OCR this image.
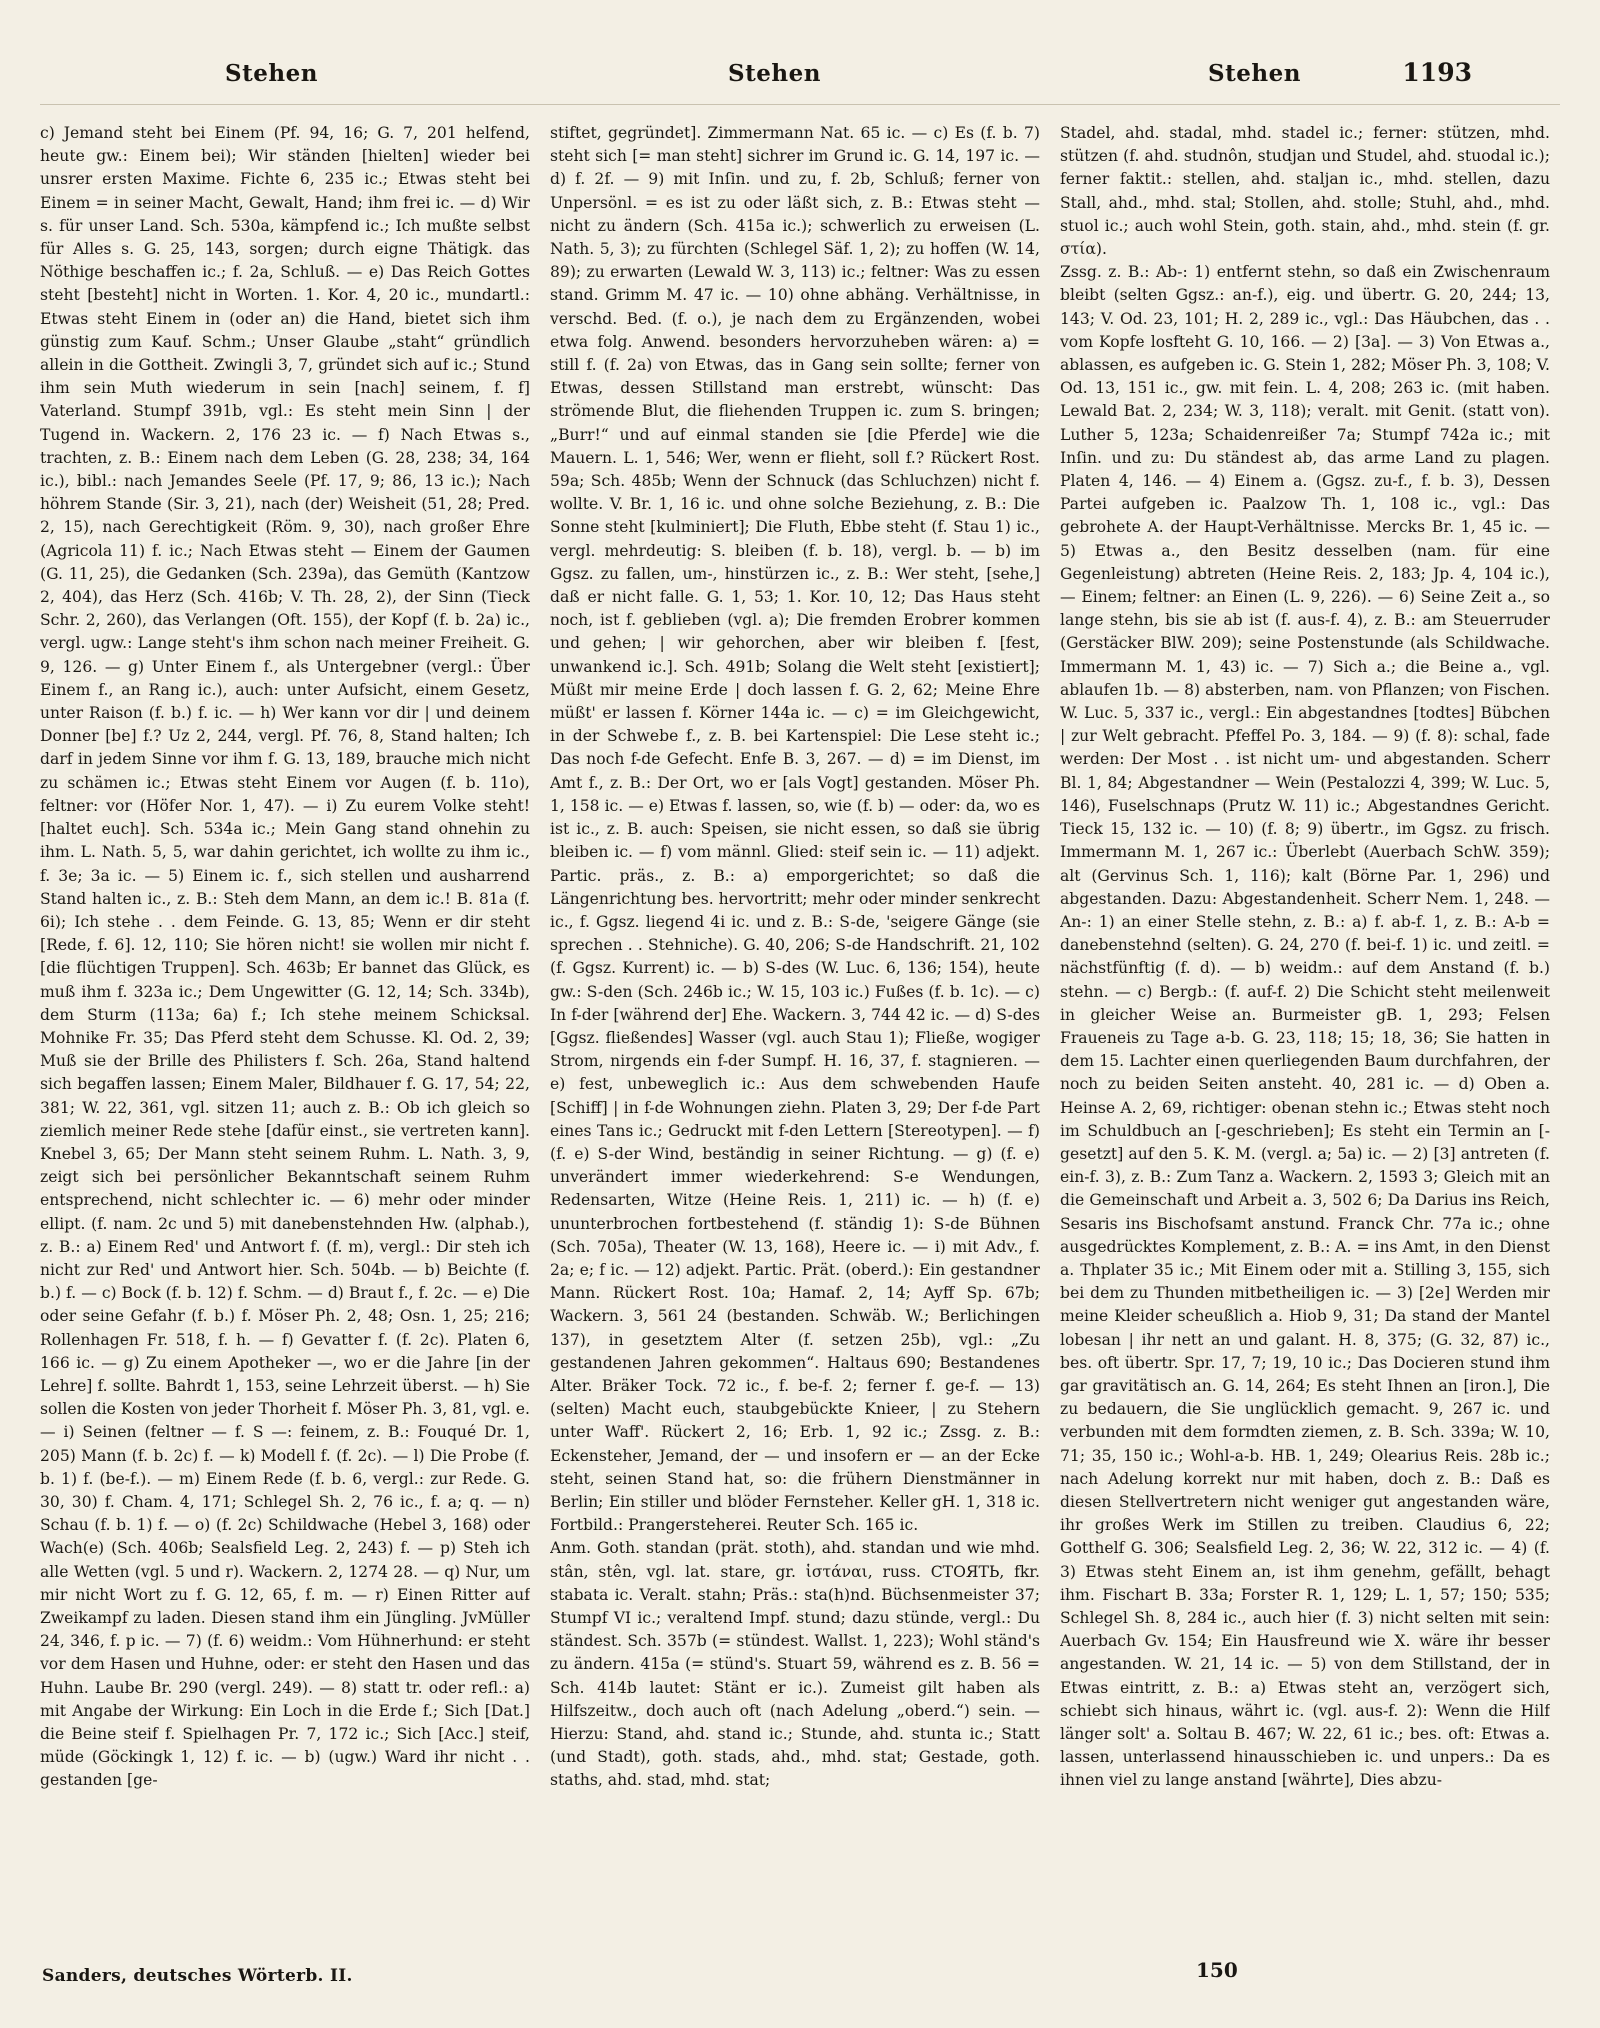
Stehen	Stehen	Stehen	1193

c) Jemand steht bei Einem (Pf. 94, 16; G. 7, 201 helfend, heute gw.: Einem bei); Wir ständen [hielten] wieder bei unsrer ersten Maxime. Fichte 6, 235 ic.; Etwas steht bei Einem = in seiner Macht, Gewalt, Hand; ihm frei ic. — d) Wir s. für unser Land. Sch. 530a, kämpfend ic.; Ich mußte selbst für Alles s. G. 25, 143, sorgen; durch eigne Thätigk. das Nöthige beschaffen ic.; f. 2a, Schluß. — e) Das Reich Gottes steht [besteht] nicht in Worten. 1. Kor. 4, 20 ic., mundartl.: Etwas steht Einem in (oder an) die Hand, bietet sich ihm günstig zum Kauf. Schm.; Unser Glaube „staht“ gründlich allein in die Gottheit. Zwingli 3, 7, gründet sich auf ic.; Stund ihm sein Muth wiederum in sein [nach] seinem, f. f] Vaterland. Stumpf 391b, vgl.: Es steht mein Sinn | der Tugend in. Wackern. 2, 176 23 ic. — f) Nach Etwas s., trachten, z. B.: Einem nach dem Leben (G. 28, 238; 34, 164 ic.), bibl.: nach Jemandes Seele (Pf. 17, 9; 86, 13 ic.); Nach höhrem Stande (Sir. 3, 21), nach (der) Weisheit (51, 28; Pred. 2, 15), nach Gerechtigkeit (Röm. 9, 30), nach großer Ehre (Agricola 11) f. ic.; Nach Etwas steht — Einem der Gaumen (G. 11, 25), die Gedanken (Sch. 239a), das Gemüth (Kantzow 2, 404), das Herz (Sch. 416b; V. Th. 28, 2), der Sinn (Tieck Schr. 2, 260), das Verlangen (Oft. 155), der Kopf (f. b. 2a) ic., vergl. ugw.: Lange steht's ihm schon nach meiner Freiheit. G. 9, 126. — g) Unter Einem f., als Untergebner (vergl.: Über Einem f., an Rang ic.), auch: unter Aufsicht, einem Gesetz, unter Raison (f. b.) f. ic. — h) Wer kann vor dir | und deinem Donner [be] f.? Uz 2, 244, vergl. Pf. 76, 8, Stand halten; Ich darf in jedem Sinne vor ihm f. G. 13, 189, brauche mich nicht zu schämen ic.; Etwas steht Einem vor Augen (f. b. 11o), feltner: vor (Höfer Nor. 1, 47). — i) Zu eurem Volke steht! [haltet euch]. Sch. 534a ic.; Mein Gang stand ohnehin zu ihm. L. Nath. 5, 5, war dahin gerichtet, ich wollte zu ihm ic., f. 3e; 3a ic. — 5) Einem ic. f., sich stellen und ausharrend Stand halten ic., z. B.: Steh dem Mann, an dem ic.! B. 81a (f. 6i); Ich stehe . . dem Feinde. G. 13, 85; Wenn er dir steht [Rede, f. 6]. 12, 110; Sie hören nicht! sie wollen mir nicht f. [die flüchtigen Truppen]. Sch. 463b; Er bannet das Glück, es muß ihm f. 323a ic.; Dem Ungewitter (G. 12, 14; Sch. 334b), dem Sturm (113a; 6a) f.; Ich stehe meinem Schicksal. Mohnike Fr. 35; Das Pferd steht dem Schusse. Kl. Od. 2, 39; Muß sie der Brille des Philisters f. Sch. 26a, Stand haltend sich begaffen lassen; Einem Maler, Bildhauer f. G. 17, 54; 22, 381; W. 22, 361, vgl. sitzen 11; auch z. B.: Ob ich gleich so ziemlich meiner Rede stehe [dafür einst., sie vertreten kann]. Knebel 3, 65; Der Mann steht seinem Ruhm. L. Nath. 3, 9, zeigt sich bei persönlicher Bekanntschaft seinem Ruhm entsprechend, nicht schlechter ic. — 6) mehr oder minder ellipt. (f. nam. 2c und 5) mit danebenstehnden Hw. (alphab.), z. B.: a) Einem Red' und Antwort f. (f. m), vergl.: Dir steh ich nicht zur Red' und Antwort hier. Sch. 504b. — b) Beichte (f. b.) f. — c) Bock (f. b. 12) f. Schm. — d) Braut f., f. 2c. — e) Die oder seine Gefahr (f. b.) f. Möser Ph. 2, 48; Osn. 1, 25; 216; Rollenhagen Fr. 518, f. h. — f) Gevatter f. (f. 2c). Platen 6, 166 ic. — g) Zu einem Apotheker —, wo er die Jahre [in der Lehre] f. sollte. Bahrdt 1, 153, seine Lehrzeit überst. — h) Sie sollen die Kosten von jeder Thorheit f. Möser Ph. 3, 81, vgl. e. — i) Seinen (feltner — f. S —: feinem, z. B.: Fouqué Dr. 1, 205) Mann (f. b. 2c) f. — k) Modell f. (f. 2c). — l) Die Probe (f. b. 1) f. (be-f.). — m) Einem Rede (f. b. 6, vergl.: zur Rede. G. 30, 30) f. Cham. 4, 171; Schlegel Sh. 2, 76 ic., f. a; q. — n) Schau (f. b. 1) f. — o) (f. 2c) Schildwache (Hebel 3, 168) oder Wach(e) (Sch. 406b; Sealsfield Leg. 2, 243) f. — p) Steh ich alle Wetten (vgl. 5 und r). Wackern. 2, 1274 28. — q) Nur, um mir nicht Wort zu f. G. 12, 65, f. m. — r) Einen Ritter auf Zweikampf zu laden. Diesen stand ihm ein Jüngling. JvMüller 24, 346, f. p ic. — 7) (f. 6) weidm.: Vom Hühnerhund: er steht vor dem Hasen und Huhne, oder: er steht den Hasen und das Huhn. Laube Br. 290 (vergl. 249). — 8) statt tr. oder refl.: a) mit Angabe der Wirkung: Ein Loch in die Erde f.; Sich [Dat.] die Beine steif f. Spielhagen Pr. 7, 172 ic.; Sich [Acc.] steif, müde (Göckingk 1, 12) f. ic. — b) (ugw.) Ward ihr nicht . . gestanden [ge-

stiftet, gegründet]. Zimmermann Nat. 65 ic. — c) Es (f. b. 7) steht sich [= man steht] sichrer im Grund ic. G. 14, 197 ic. — d) f. 2f. — 9) mit Inſin. und zu, f. 2b, Schluß; ferner von Unpersönl. = es ist zu oder läßt sich, z. B.: Etwas steht — nicht zu ändern (Sch. 415a ic.); schwerlich zu erweisen (L. Nath. 5, 3); zu fürchten (Schlegel Säf. 1, 2); zu hoffen (W. 14, 89); zu erwarten (Lewald W. 3, 113) ic.; feltner: Was zu essen stand. Grimm M. 47 ic. — 10) ohne abhäng. Verhältnisse, in verschd. Bed. (f. o.), je nach dem zu Ergänzenden, wobei etwa folg. Anwend. besonders hervorzuheben wären: a) = still f. (f. 2a) von Etwas, das in Gang sein sollte; ferner von Etwas, dessen Stillstand man erstrebt, wünscht: Das strömende Blut, die fliehenden Truppen ic. zum S. bringen; „Burr!“ und auf einmal standen sie [die Pferde] wie die Mauern. L. 1, 546; Wer, wenn er flieht, soll f.? Rückert Rost. 59a; Sch. 485b; Wenn der Schnuck (das Schluchzen) nicht f. wollte. V. Br. 1, 16 ic. und ohne solche Beziehung, z. B.: Die Sonne steht [kulminiert]; Die Fluth, Ebbe steht (f. Stau 1) ic., vergl. mehrdeutig: S. bleiben (f. b. 18), vergl. b. — b) im Ggsz. zu fallen, um-, hinstürzen ic., z. B.: Wer steht, [sehe,] daß er nicht falle. G. 1, 53; 1. Kor. 10, 12; Das Haus steht noch, ist f. geblieben (vgl. a); Die fremden Erobrer kommen und gehen; | wir gehorchen, aber wir bleiben f. [fest, unwankend ic.]. Sch. 491b; Solang die Welt steht [existiert]; Müßt mir meine Erde | doch lassen f. G. 2, 62; Meine Ehre müßt' er lassen f. Körner 144a ic. — c) = im Gleichgewicht, in der Schwebe f., z. B. bei Kartenspiel: Die Lese steht ic.; Das noch f-de Gefecht. Enfe B. 3, 267. — d) = im Dienst, im Amt f., z. B.: Der Ort, wo er [als Vogt] gestanden. Möser Ph. 1, 158 ic. — e) Etwas f. lassen, so, wie (f. b) — oder: da, wo es ist ic., z. B. auch: Speisen, sie nicht essen, so daß sie übrig bleiben ic. — f) vom männl. Glied: steif sein ic. — 11) adjekt. Partic. präs., z. B.: a) emporgerichtet; so daß die Längenrichtung bes. hervortritt; mehr oder minder senkrecht ic., f. Ggsz. liegend 4i ic. und z. B.: S-de, 'seigere Gänge (sie sprechen . . Stehniche). G. 40, 206; S-de Handschrift. 21, 102 (f. Ggsz. Kurrent) ic. — b) S-des (W. Luc. 6, 136; 154), heute gw.: S-den (Sch. 246b ic.; W. 15, 103 ic.) Fußes (f. b. 1c). — c) In f-der [während der] Ehe. Wackern. 3, 744 42 ic. — d) S-des [Ggsz. fließendes] Wasser (vgl. auch Stau 1); Fließe, wogiger Strom, nirgends ein f-der Sumpf. H. 16, 37, f. stagnieren. — e) fest, unbeweglich ic.: Aus dem schwebenden Haufe [Schiff] | in f-de Wohnungen ziehn. Platen 3, 29; Der f-de Part eines Tans ic.; Gedruckt mit f-den Lettern [Stereotypen]. — f) (f. e) S-der Wind, beständig in seiner Richtung. — g) (f. e) unverändert immer wiederkehrend: S-e Wendungen, Redensarten, Witze (Heine Reis. 1, 211) ic. — h) (f. e) ununterbrochen fortbestehend (f. ständig 1): S-de Bühnen (Sch. 705a), Theater (W. 13, 168), Heere ic. — i) mit Adv., f. 2a; e; f ic. — 12) adjekt. Partic. Prät. (oberd.): Ein gestandner Mann. Rückert Rost. 10a; Hamaf. 2, 14; Ayff Sp. 67b; Wackern. 3, 561 24 (bestanden. Schwäb. W.; Berlichingen 137), in gesetztem Alter (f. setzen 25b), vgl.: „Zu gestandenen Jahren gekommen“. Haltaus 690; Bestandenes Alter. Bräker Tock. 72 ic., f. be-f. 2; ferner f. ge-f. — 13) (selten) Macht euch, staubgebückte Knieer, | zu Stehern unter Waff'. Rückert 2, 16; Erb. 1, 92 ic.; Zssg. z. B.: Eckensteher, Jemand, der — und insofern er — an der Ecke steht, seinen Stand hat, so: die frühern Dienstmänner in Berlin; Ein stiller und blöder Fernsteher. Keller gH. 1, 318 ic. Fortbild.: Prangersteherei. Reuter Sch. 165 ic.
Anm. Goth. standan (prät. stoth), ahd. standan und wie mhd. stân, stên, vgl. lat. stare, gr. ἱστάναι, russ. СТОЯТЬ, fkr. stabata ic. Veralt. stahn; Präs.: sta(h)nd. Büchsenmeister 37; Stumpf VI ic.; veraltend Impf. stund; dazu stünde, vergl.: Du ständest. Sch. 357b (= stündest. Wallst. 1, 223); Wohl ständ's zu ändern. 415a (= stünd's. Stuart 59, während es z. B. 56 = Sch. 414b lautet: Stänt er ic.). Zumeist gilt haben als Hilfszeitw., doch auch oft (nach Adelung „oberd.“) sein. — Hierzu: Stand, ahd. stand ic.; Stunde, ahd. stunta ic.; Statt (und Stadt), goth. stads, ahd., mhd. stat; Gestade, goth. staths, ahd. stad, mhd. stat;

Stadel, ahd. stadal, mhd. stadel ic.; ferner: stützen, mhd. stützen (f. ahd. studnôn, studjan und Studel, ahd. stuodal ic.); ferner faktit.: stellen, ahd. staljan ic., mhd. stellen, dazu Stall, ahd., mhd. stal; Stollen, ahd. stolle; Stuhl, ahd., mhd. stuol ic.; auch wohl Stein, goth. stain, ahd., mhd. stein (f. gr. στία).
Zssg. z. B.: Ab-: 1) entfernt stehn, so daß ein Zwischenraum bleibt (selten Ggsz.: an-f.), eig. und übertr. G. 20, 244; 13, 143; V. Od. 23, 101; H. 2, 289 ic., vgl.: Das Häubchen, das . . vom Kopfe losfteht G. 10, 166. — 2) [3a]. — 3) Von Etwas a., ablassen, es aufgeben ic. G. Stein 1, 282; Möser Ph. 3, 108; V. Od. 13, 151 ic., gw. mit fein. L. 4, 208; 263 ic. (mit haben. Lewald Bat. 2, 234; W. 3, 118); veralt. mit Genit. (statt von). Luther 5, 123a; Schaidenreißer 7a; Stumpf 742a ic.; mit Inſin. und zu: Du ständest ab, das arme Land zu plagen. Platen 4, 146. — 4) Einem a. (Ggsz. zu-f., f. b. 3), Dessen Partei aufgeben ic. Paalzow Th. 1, 108 ic., vgl.: Das gebrohete A. der Haupt-Verhältnisse. Mercks Br. 1, 45 ic. — 5) Etwas a., den Besitz desselben (nam. für eine Gegenleistung) abtreten (Heine Reis. 2, 183; Jp. 4, 104 ic.), — Einem; feltner: an Einen (L. 9, 226). — 6) Seine Zeit a., so lange stehn, bis sie ab ist (f. aus-f. 4), z. B.: am Steuerruder (Gerstäcker BlW. 209); seine Postenstunde (als Schildwache. Immermann M. 1, 43) ic. — 7) Sich a.; die Beine a., vgl. ablaufen 1b. — 8) absterben, nam. von Pflanzen; von Fischen. W. Luc. 5, 337 ic., vergl.: Ein abgestandnes [todtes] Bübchen | zur Welt gebracht. Pfeffel Po. 3, 184. — 9) (f. 8): schal, fade werden: Der Most . . ist nicht um- und abgestanden. Scherr Bl. 1, 84; Abgestandner — Wein (Pestalozzi 4, 399; W. Luc. 5, 146), Fuselschnaps (Prutz W. 11) ic.; Abgestandnes Gericht. Tieck 15, 132 ic. — 10) (f. 8; 9) übertr., im Ggsz. zu frisch. Immermann M. 1, 267 ic.: Überlebt (Auerbach SchW. 359); alt (Gervinus Sch. 1, 116); kalt (Börne Par. 1, 296) und abgestanden. Dazu: Abgestandenheit. Scherr Nem. 1, 248. — An-: 1) an einer Stelle stehn, z. B.: a) f. ab-f. 1, z. B.: A-b = danebenstehnd (selten). G. 24, 270 (f. bei-f. 1) ic. und zeitl. = nächstfünftig (f. d). — b) weidm.: auf dem Anstand (f. b.) stehn. — c) Bergb.: (f. auf-f. 2) Die Schicht steht meilenweit in gleicher Weise an. Burmeister gB. 1, 293; Felsen Fraueneis zu Tage a-b. G. 23, 118; 15; 18, 36; Sie hatten in dem 15. Lachter einen querliegenden Baum durchfahren, der noch zu beiden Seiten ansteht. 40, 281 ic. — d) Oben a. Heinse A. 2, 69, richtiger: obenan stehn ic.; Etwas steht noch im Schuldbuch an [-geschrieben]; Es steht ein Termin an [-gesetzt] auf den 5. K. M. (vergl. a; 5a) ic. — 2) [3] antreten (f. ein-f. 3), z. B.: Zum Tanz a. Wackern. 2, 1593 3; Gleich mit an die Gemeinschaft und Arbeit a. 3, 502 6; Da Darius ins Reich, Sesaris ins Bischofsamt anstund. Franck Chr. 77a ic.; ohne ausgedrücktes Komplement, z. B.: A. = ins Amt, in den Dienst a. Thplater 35 ic.; Mit Einem oder mit a. Stilling 3, 155, sich bei dem zu Thunden mitbetheiligen ic. — 3) [2e] Werden mir meine Kleider scheußlich a. Hiob 9, 31; Da stand der Mantel lobesan | ihr nett an und galant. H. 8, 375; (G. 32, 87) ic., bes. oft übertr. Spr. 17, 7; 19, 10 ic.; Das Docieren stund ihm gar gravitätisch an. G. 14, 264; Es steht Ihnen an [iron.], Die zu bedauern, die Sie unglücklich gemacht. 9, 267 ic. und verbunden mit dem formdten ziemen, z. B. Sch. 339a; W. 10, 71; 35, 150 ic.; Wohl-a-b. HB. 1, 249; Olearius Reis. 28b ic.; nach Adelung korrekt nur mit haben, doch z. B.: Daß es diesen Stellvertretern nicht weniger gut angestanden wäre, ihr großes Werk im Stillen zu treiben. Claudius 6, 22; Gotthelf G. 306; Sealsfield Leg. 2, 36; W. 22, 312 ic. — 4) (f. 3) Etwas steht Einem an, ist ihm genehm, gefällt, behagt ihm. Fischart B. 33a; Forster R. 1, 129; L. 1, 57; 150; 535; Schlegel Sh. 8, 284 ic., auch hier (f. 3) nicht selten mit sein: Auerbach Gv. 154; Ein Hausfreund wie X. wäre ihr besser angestanden. W. 21, 14 ic. — 5) von dem Stillstand, der in Etwas eintritt, z. B.: a) Etwas steht an, verzögert sich, schiebt sich hinaus, währt ic. (vgl. aus-f. 2): Wenn die Hilf länger solt' a. Soltau B. 467; W. 22, 61 ic.; bes. oft: Etwas a. lassen, unterlassend hinausschieben ic. und unpers.: Da es ihnen viel zu lange anstand [währte], Dies abzu-

Sanders, deutsches Wörterb. II.	150
